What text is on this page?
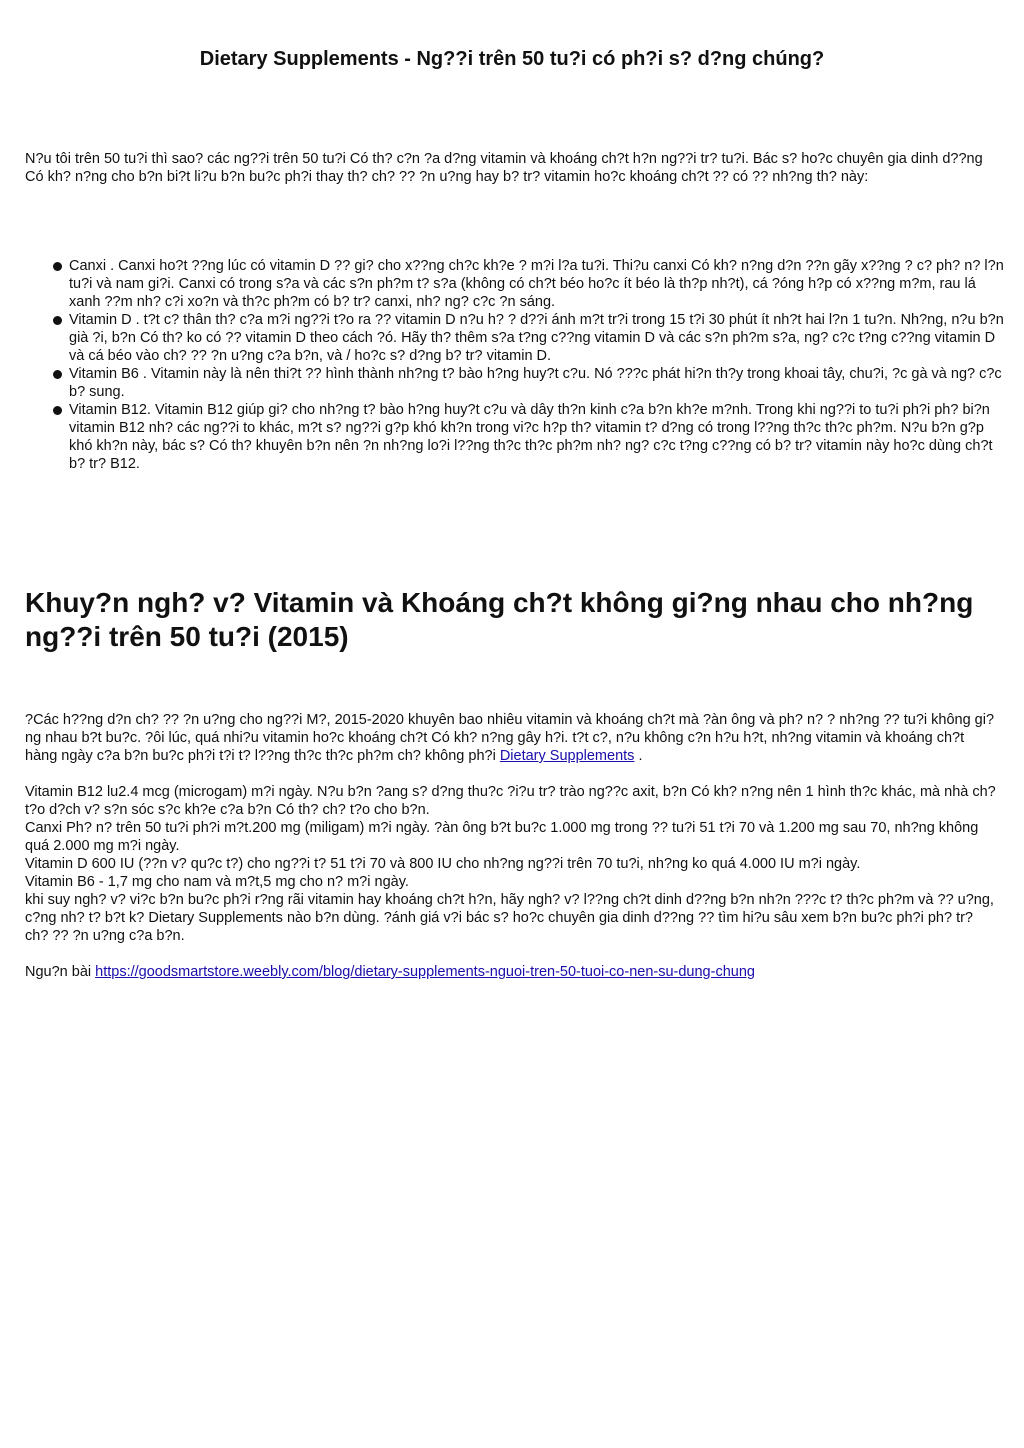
Dietary Supplements - Ng??i trên 50 tu?i có ph?i s? d?ng chúng?

N?u tôi trên 50 tu?i thì sao? các ng??i trên 50 tu?i Có th? c?n ?a d?ng vitamin và khoáng ch?t h?n ng??i tr? tu?i. Bác s? ho?c chuyên gia dinh d??ng Có kh? n?ng cho b?n bi?t li?u b?n bu?c ph?i thay th? ch? ?? ?n u?ng hay b? tr? vitamin ho?c khoáng ch?t ?? có ?? nh?ng th? này:

Canxi . Canxi ho?t ??ng lúc có vitamin D ?? gi? cho x??ng ch?c kh?e ? m?i l?a tu?i. Thi?u canxi Có kh? n?ng d?n ??n gãy x??ng ? c? ph? n? l?n tu?i và nam gi?i. Canxi có trong s?a và các s?n ph?m t? s?a (không có ch?t béo ho?c ít béo là th?p nh?t), cá ?óng h?p có x??ng m?m, rau lá xanh ??m nh? c?i xo?n và th?c ph?m có b? tr? canxi, nh? ng? c?c ?n sáng.
Vitamin D . t?t c? thân th? c?a m?i ng??i t?o ra ?? vitamin D n?u h? ? d??i ánh m?t tr?i trong 15 t?i 30 phút ít nh?t hai l?n 1 tu?n. Nh?ng, n?u b?n già ?i, b?n Có th? ko có ?? vitamin D theo cách ?ó. Hãy th? thêm s?a t?ng c??ng vitamin D và các s?n ph?m s?a, ng? c?c t?ng c??ng vitamin D và cá béo vào ch? ?? ?n u?ng c?a b?n, và / ho?c s? d?ng b? tr? vitamin D.
Vitamin B6 . Vitamin này là nên thi?t ?? hình thành nh?ng t? bào h?ng huy?t c?u. Nó ???c phát hi?n th?y trong khoai tây, chu?i, ?c gà và ng? c?c b? sung.
Vitamin B12. Vitamin B12 giúp gi? cho nh?ng t? bào h?ng huy?t c?u và dây th?n kinh c?a b?n kh?e m?nh. Trong khi ng??i to tu?i ph?i ph? bi?n vitamin B12 nh? các ng??i to khác, m?t s? ng??i g?p khó kh?n trong vi?c h?p th? vitamin t? d?ng có trong l??ng th?c th?c ph?m. N?u b?n g?p khó kh?n này, bác s? Có th? khuyên b?n nên ?n nh?ng lo?i l??ng th?c th?c ph?m nh? ng? c?c t?ng c??ng có b? tr? vitamin này ho?c dùng ch?t b? tr? B12.
Khuy?n ngh? v? Vitamin và Khoáng ch?t không gi?ng nhau cho nh?ng ng??i trên 50 tu?i (2015)

?Các h??ng d?n ch? ?? ?n u?ng cho ng??i M?, 2015-2020 khuyên bao nhiêu vitamin và khoáng ch?t mà ?àn ông và ph? n? ? nh?ng ?? tu?i không gi?ng nhau b?t bu?c. ?ôi lúc, quá nhi?u vitamin ho?c khoáng ch?t Có kh? n?ng gây h?i. t?t c?, n?u không c?n h?u h?t, nh?ng vitamin và khoáng ch?t hàng ngày c?a b?n bu?c ph?i t?i t? l??ng th?c th?c ph?m ch? không ph?i Dietary Supplements .

Vitamin B12 lu2.4 mcg (microgam) m?i ngày. N?u b?n ?ang s? d?ng thu?c ?i?u tr? trào ng??c axit, b?n Có kh? n?ng nên 1 hình th?c khác, mà nhà ch? t?o d?ch v? s?n sóc s?c kh?e c?a b?n Có th? ch? t?o cho b?n.

Canxi Ph? n? trên 50 tu?i ph?i m?t.200 mg (miligam) m?i ngày. ?àn ông b?t bu?c 1.000 mg trong ?? tu?i 51 t?i 70 và 1.200 mg sau 70, nh?ng không quá 2.000 mg m?i ngày.

Vitamin D 600 IU (??n v? qu?c t?) cho ng??i t? 51 t?i 70 và 800 IU cho nh?ng ng??i trên 70 tu?i, nh?ng ko quá 4.000 IU m?i ngày.

Vitamin B6 - 1,7 mg cho nam và m?t,5 mg cho n? m?i ngày.

khi suy ngh? v? vi?c b?n bu?c ph?i r?ng rãi vitamin hay khoáng ch?t h?n, hãy ngh? v? l??ng ch?t dinh d??ng b?n nh?n ???c t? th?c ph?m và ?? u?ng, c?ng nh? t? b?t k? Dietary Supplements nào b?n dùng. ?ánh giá v?i bác s? ho?c chuyên gia dinh d??ng ?? tìm hi?u sâu xem b?n bu?c ph?i ph? tr? ch? ?? ?n u?ng c?a b?n.

Ngu?n bài https://goodsmartstore.weebly.com/blog/dietary-supplements-nguoi-tren-50-tuoi-co-nen-su-dung-chung
